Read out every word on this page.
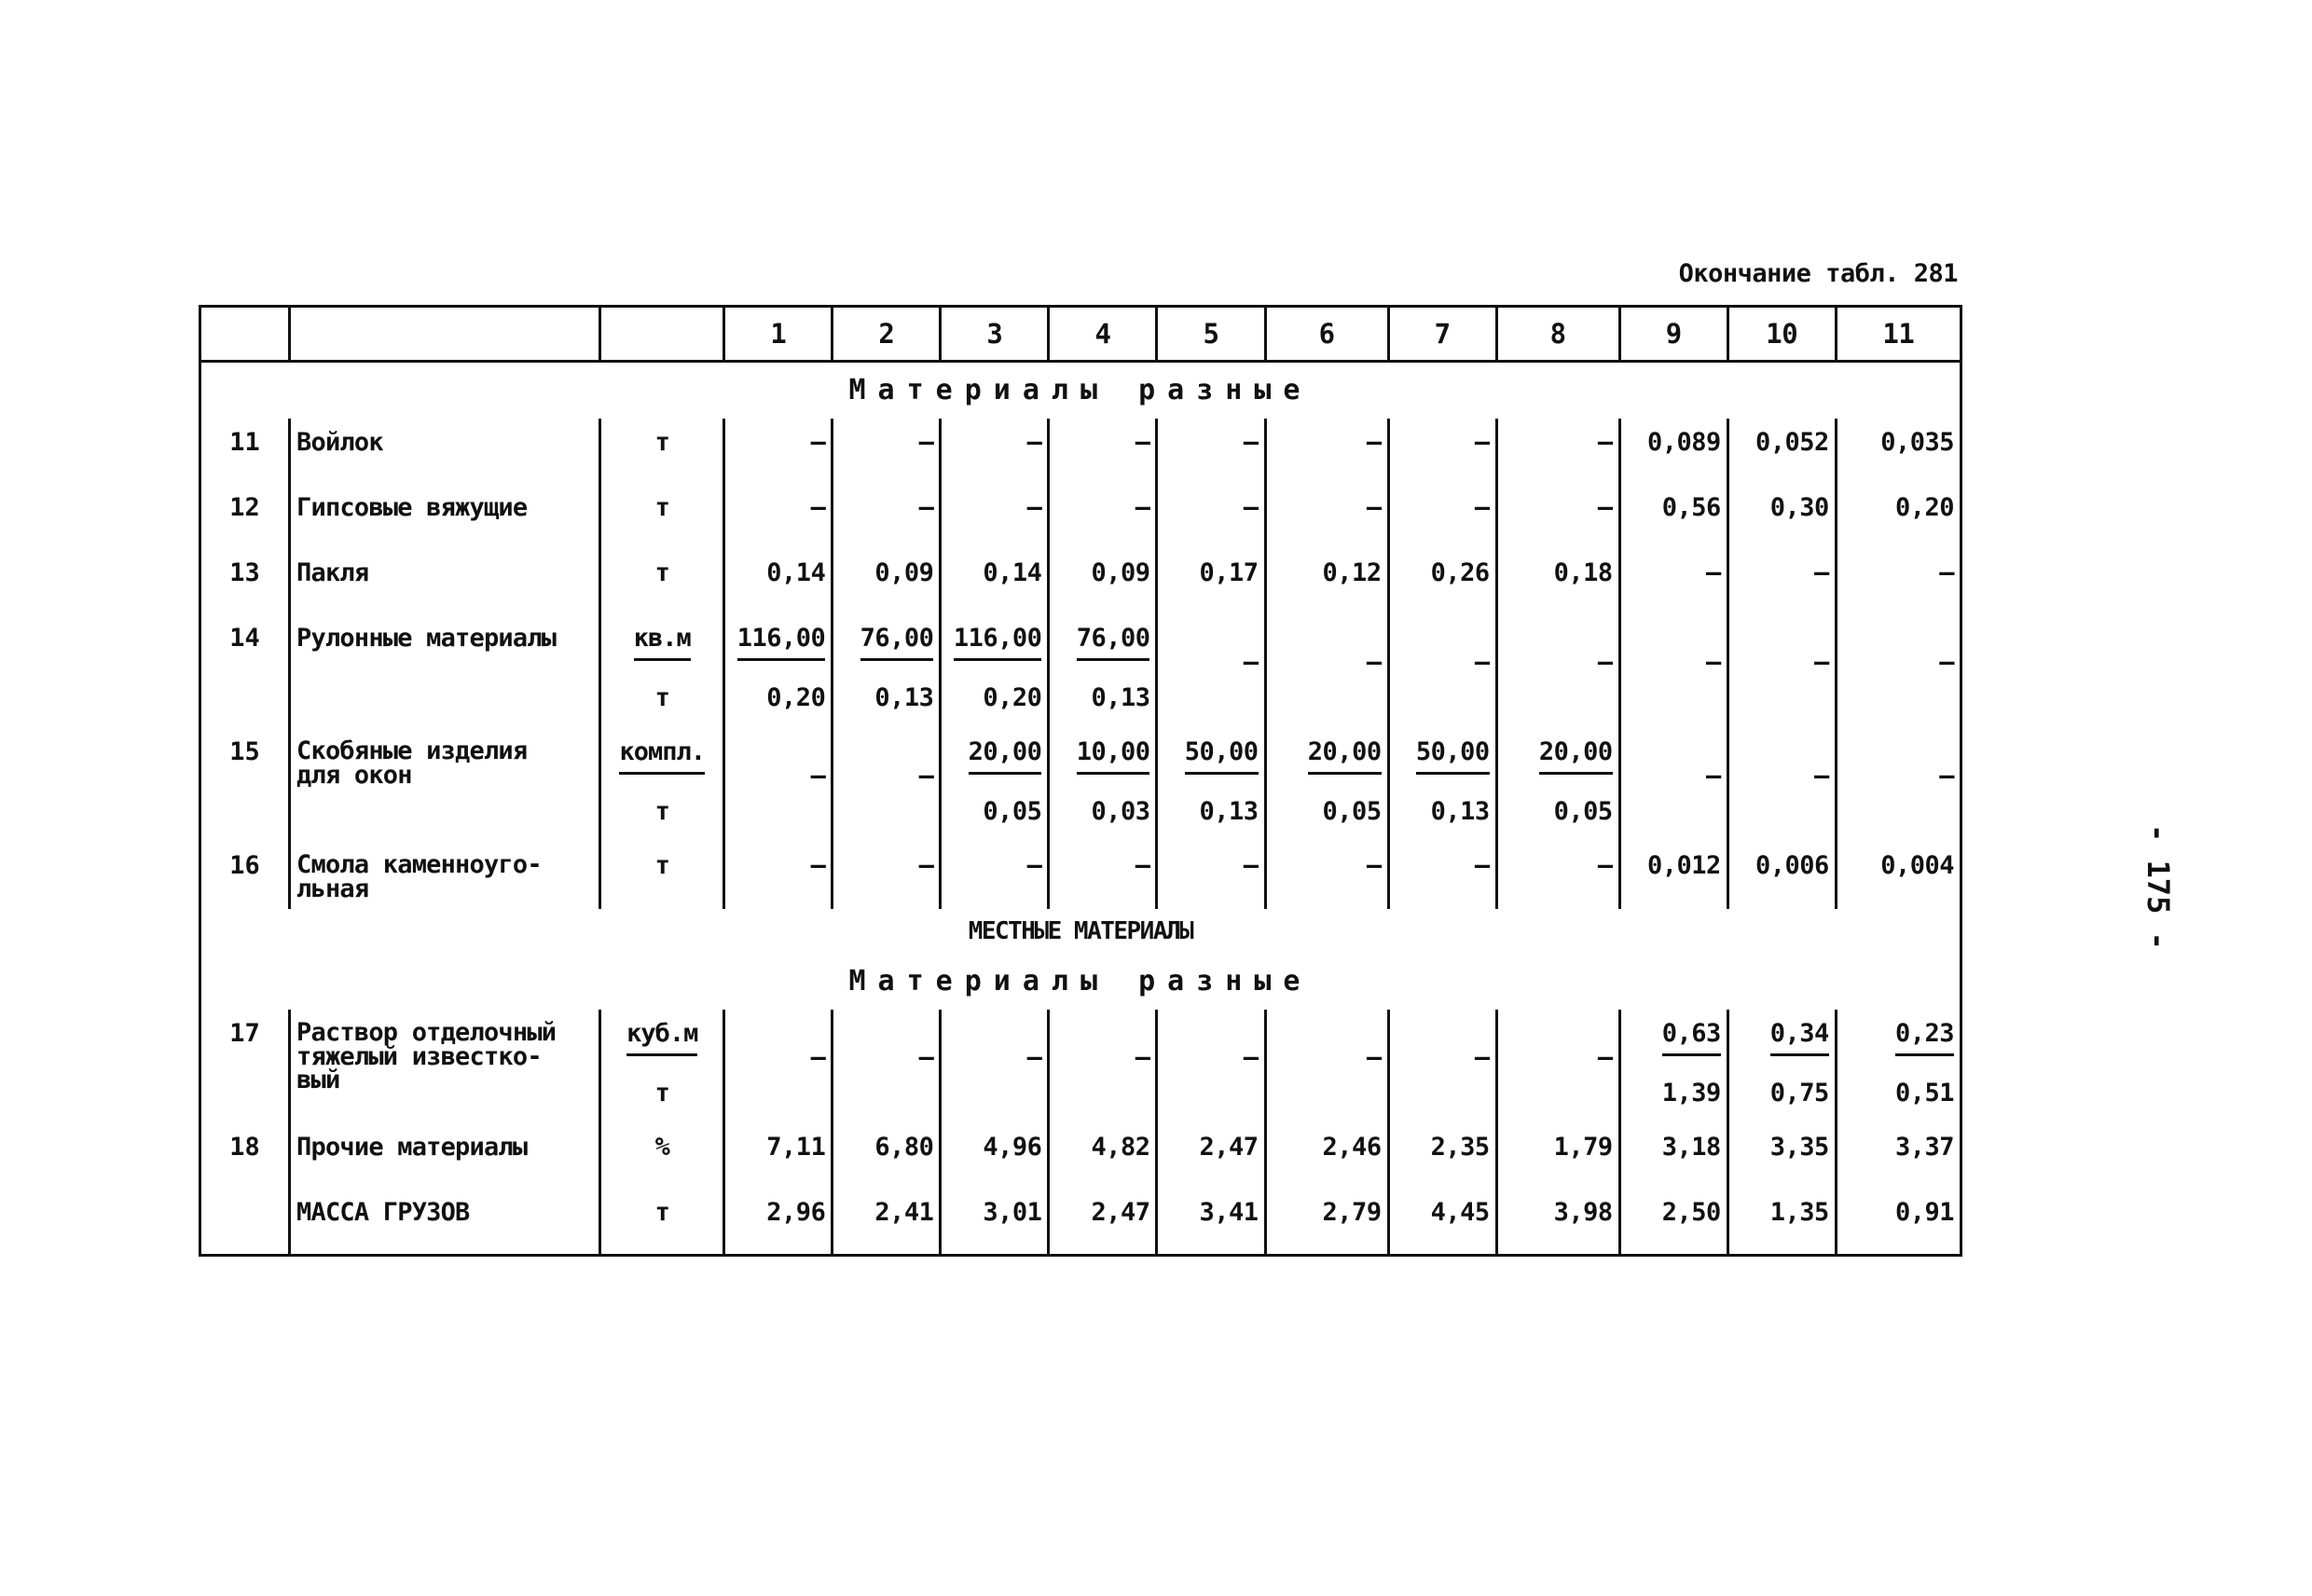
Окончание табл. 281
- 175 -
			1	2	3	4	5	6	7	8	9	10	11
Материалы разные													
11	Войлок	т	–	–	–	–	–	–	–	–	0,089	0,052	0,035
12	Гипсовые вяжущие	т	–	–	–	–	–	–	–	–	0,56	0,30	0,20
13	Пакля	т	0,14	0,09	0,14	0,09	0,17	0,12	0,26	0,18	–	–	–
14	Рулонные материалы	кв.м	116,00	76,00	116,00	76,00	–	–	–	–	–	–	–

		т	0,20	0,13	0,20	0,13							
15	Скобяные изделия
для окон	компл.	–	–	20,00	10,00	50,00	20,00	50,00	20,00	–	–	–

		т			0,05	0,03	0,13	0,05	0,13	0,05			
16	Смола каменноуго-
льная	т	–	–	–	–	–	–	–	–	0,012	0,006	0,004
МЕСТНЫЕ МАТЕРИАЛЫ													
Материалы разные													
17	Раствор отделочный
тяжелый известко-
вый	куб.м	–	–	–	–	–	–	–	–	0,63	0,34	0,23
		т									1,39	0,75	0,51
18	Прочие материалы	%	7,11	6,80	4,96	4,82	2,47	2,46	2,35	1,79	3,18	3,35	3,37
	МАССА ГРУЗОВ	т	2,96	2,41	3,01	2,47	3,41	2,79	4,45	3,98	2,50	1,35	0,91
